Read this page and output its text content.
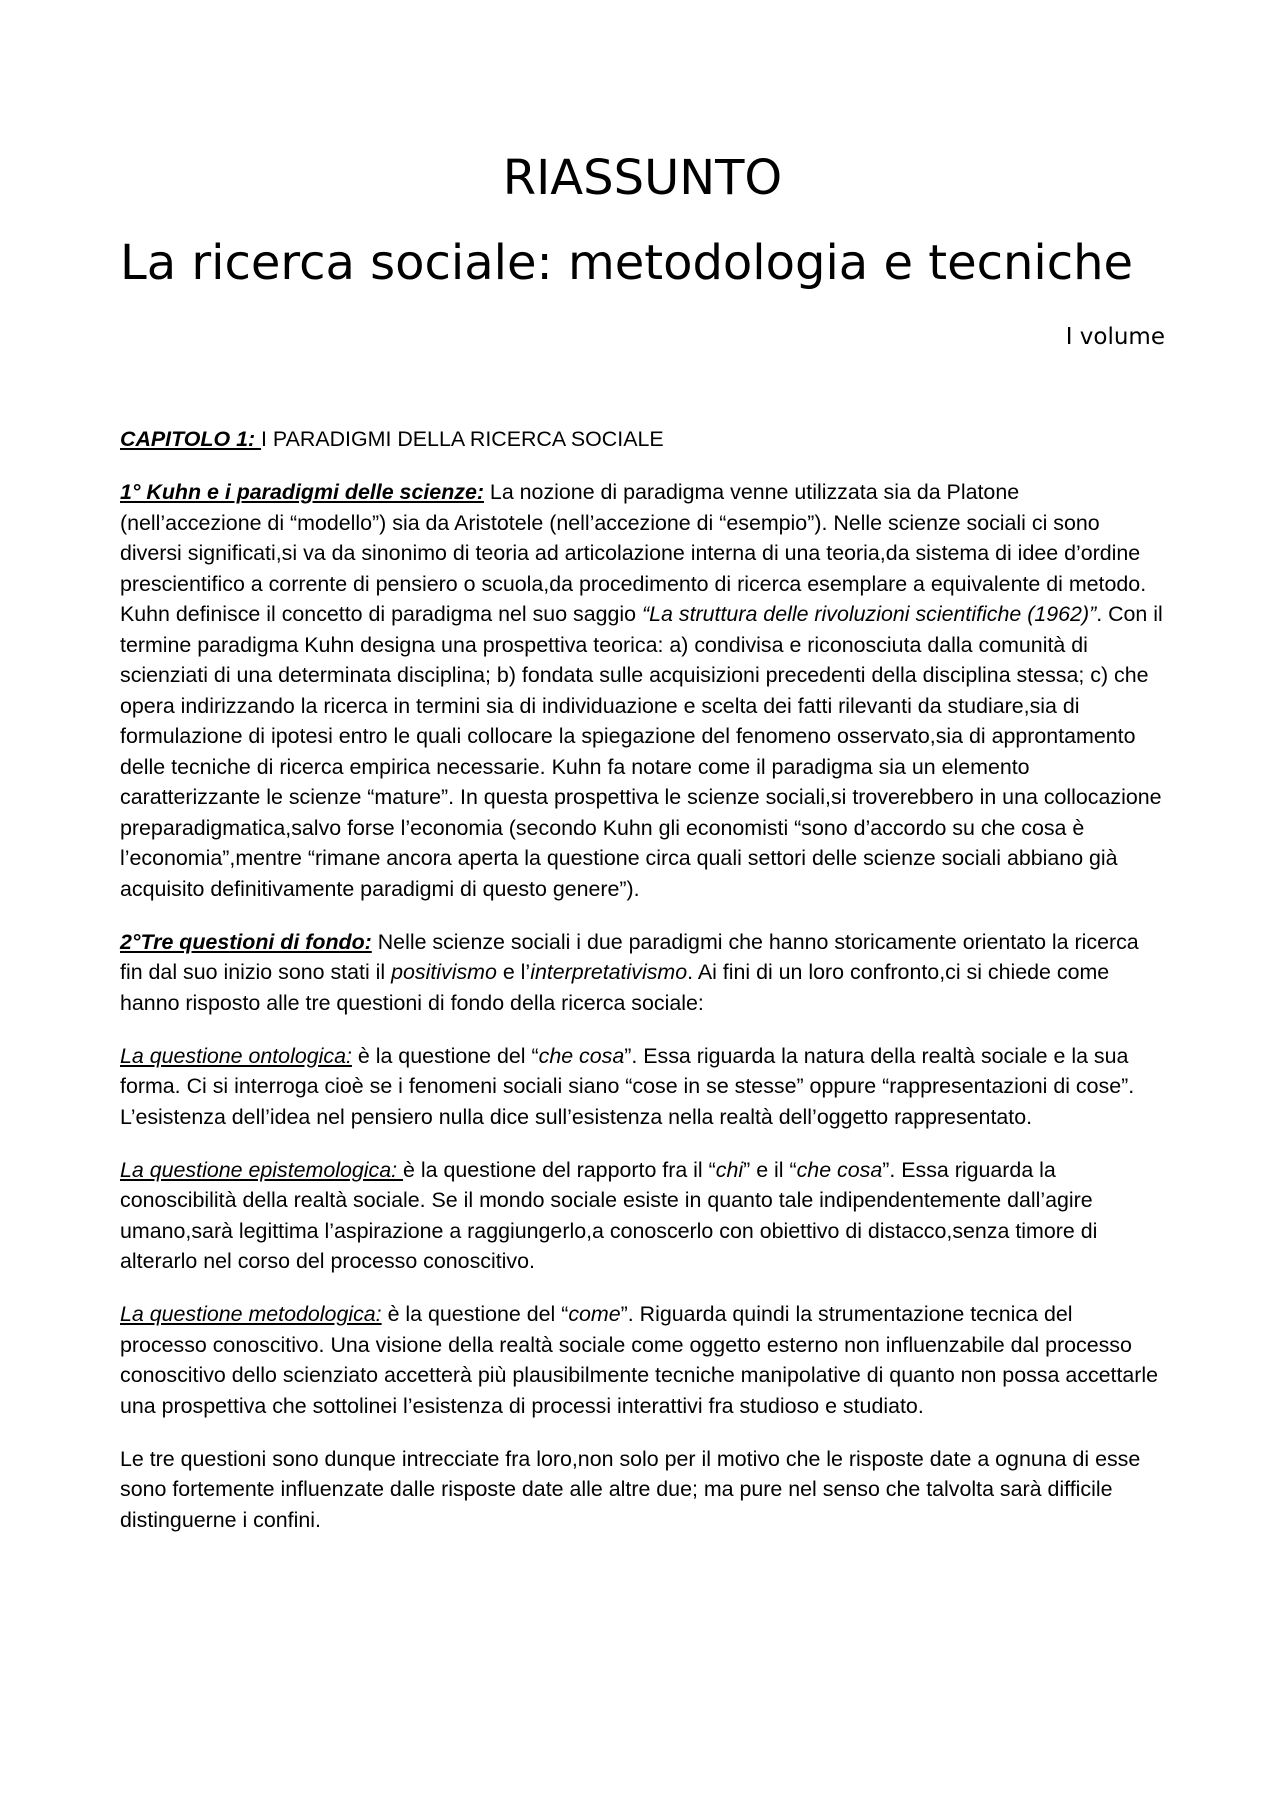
RIASSUNTO
La ricerca sociale: metodologia e tecniche
I volume

CAPITOLO 1: I PARADIGMI DELLA RICERCA SOCIALE

1° Kuhn e i paradigmi delle scienze: La nozione di paradigma venne utilizzata sia da Platone (nell’accezione di “modello”) sia da Aristotele (nell’accezione di “esempio”). Nelle scienze sociali ci sono diversi significati,si va da sinonimo di teoria ad articolazione interna di una teoria,da sistema di idee d’ordine prescientifico a corrente di pensiero o scuola,da procedimento di ricerca esemplare a equivalente di metodo. Kuhn definisce il concetto di paradigma nel suo saggio “La struttura delle rivoluzioni scientifiche (1962)”. Con il termine paradigma Kuhn designa una prospettiva teorica: a) condivisa e riconosciuta dalla comunità di scienziati di una determinata disciplina; b) fondata sulle acquisizioni precedenti della disciplina stessa; c) che opera indirizzando la ricerca in termini sia di individuazione e scelta dei fatti rilevanti da studiare,sia di formulazione di ipotesi entro le quali collocare la spiegazione del fenomeno osservato,sia di approntamento delle tecniche di ricerca empirica necessarie. Kuhn fa notare come il paradigma sia un elemento caratterizzante le scienze “mature”. In questa prospettiva le scienze sociali,si troverebbero in una collocazione preparadigmatica,salvo forse l’economia (secondo Kuhn gli economisti “sono d’accordo su che cosa è l’economia”,mentre “rimane ancora aperta la questione circa quali settori delle scienze sociali abbiano già acquisito definitivamente paradigmi di questo genere”).

2°Tre questioni di fondo: Nelle scienze sociali i due paradigmi che hanno storicamente orientato la ricerca fin dal suo inizio sono stati il positivismo e l’interpretativismo. Ai fini di un loro confronto,ci si chiede come hanno risposto alle tre questioni di fondo della ricerca sociale:

La questione ontologica: è la questione del “che cosa”. Essa riguarda la natura della realtà sociale e la sua forma. Ci si interroga cioè se i fenomeni sociali siano “cose in se stesse” oppure “rappresentazioni di cose”. L’esistenza dell’idea nel pensiero nulla dice sull’esistenza nella realtà dell’oggetto rappresentato.

La questione epistemologica: è la questione del rapporto fra il “chi” e il “che cosa”. Essa riguarda la conoscibilità della realtà sociale. Se il mondo sociale esiste in quanto tale indipendentemente dall’agire umano,sarà legittima l’aspirazione a raggiungerlo,a conoscerlo con obiettivo di distacco,senza timore di alterarlo nel corso del processo conoscitivo.

La questione metodologica: è la questione del “come”. Riguarda quindi la strumentazione tecnica del processo conoscitivo. Una visione della realtà sociale come oggetto esterno non influenzabile dal processo conoscitivo dello scienziato accetterà più plausibilmente tecniche manipolative di quanto non possa accettarle una prospettiva che sottolinei l’esistenza di processi interattivi fra studioso e studiato.

Le tre questioni sono dunque intrecciate fra loro,non solo per il motivo che le risposte date a ognuna di esse sono fortemente influenzate dalle risposte date alle altre due; ma pure nel senso che talvolta sarà difficile distinguerne i confini.
